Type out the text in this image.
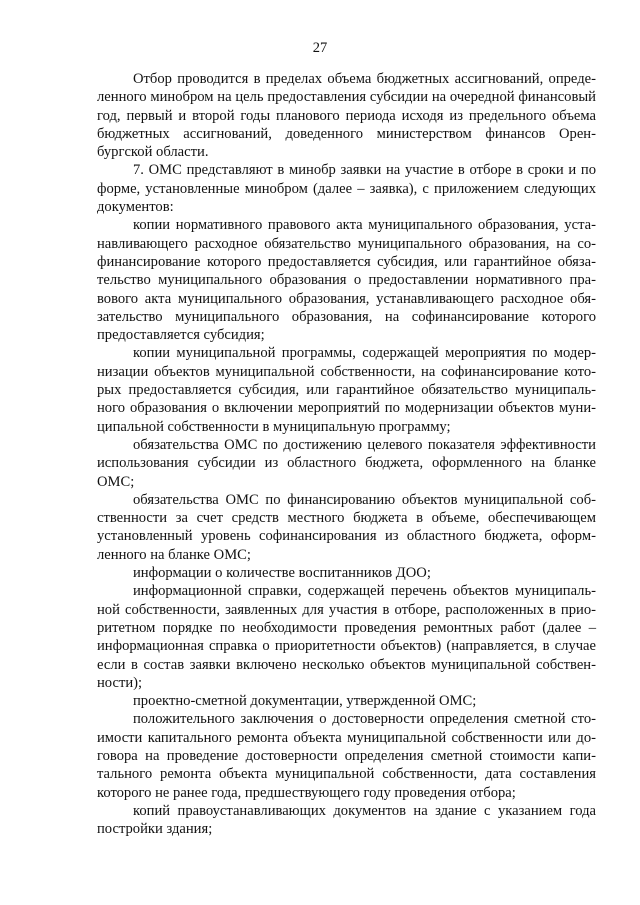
27

Отбор проводится в пределах объема бюджетных ассигнований, определенного минобром на цель предоставления субсидии на очередной финансовый год, первый и второй годы планового периода исходя из предельного объема бюджетных ассигнований, доведенного министерством финансов Оренбургской области.

7. ОМС представляют в минобр заявки на участие в отборе в сроки и по форме, установленные минобром (далее – заявка), с приложением следующих документов:

копии нормативного правового акта муниципального образования, устанавливающего расходное обязательство муниципального образования, на софинансирование которого предоставляется субсидия, или гарантийное обязательство муниципального образования о предоставлении нормативного правового акта муниципального образования, устанавливающего расходное обязательство муниципального образования, на софинансирование которого предоставляется субсидия;

копии муниципальной программы, содержащей мероприятия по модернизации объектов муниципальной собственности, на софинансирование которых предоставляется субсидия, или гарантийное обязательство муниципального образования о включении мероприятий по модернизации объектов муниципальной собственности в муниципальную программу;

обязательства ОМС по достижению целевого показателя эффективности использования субсидии из областного бюджета, оформленного на бланке ОМС;

обязательства ОМС по финансированию объектов муниципальной собственности за счет средств местного бюджета в объеме, обеспечивающем установленный уровень софинансирования из областного бюджета, оформленного на бланке ОМС;

информации о количестве воспитанников ДОО;

информационной справки, содержащей перечень объектов муниципальной собственности, заявленных для участия в отборе, расположенных в приоритетном порядке по необходимости проведения ремонтных работ (далее – информационная справка о приоритетности объектов) (направляется, в случае если в состав заявки включено несколько объектов муниципальной собственности);

проектно-сметной документации, утвержденной ОМС;

положительного заключения о достоверности определения сметной стоимости капитального ремонта объекта муниципальной собственности или договора на проведение достоверности определения сметной стоимости капитального ремонта объекта муниципальной собственности, дата составления которого не ранее года, предшествующего году проведения отбора;

копий правоустанавливающих документов на здание с указанием года постройки здания;
